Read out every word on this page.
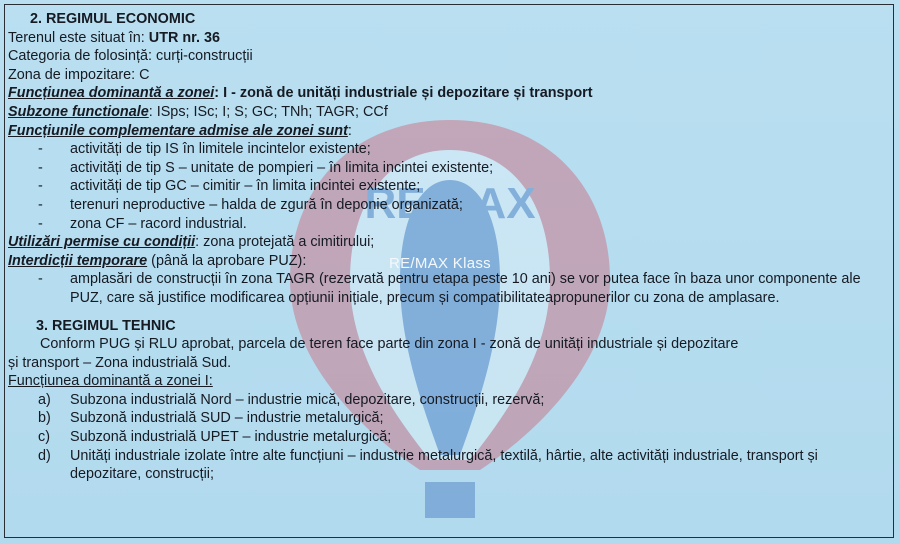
RE/MAX
2. REGIMUL ECONOMIC
Terenul este situat în: UTR nr. 36
Categoria de folosință: curți-construcții
Zona de impozitare: C
Funcțiunea dominantă a zonei: I - zonă de unități industriale și depozitare și transport
Subzone functionale: ISps; ISc; I; S; GC; TNh; TAGR; CCf
Funcțiunile complementare admise ale zonei sunt:
- activități de tip IS în limitele incintelor existente;
- activități de tip S – unitate de pompieri – în limita incintei existente;
- activități de tip GC – cimitir – în limita incintei existente;
- terenuri neproductive – halda de zgură în deponie organizată;
- zona CF – racord industrial.
Utilizări permise cu condiții: zona protejată a cimitirului;
Interdicții temporare (până la aprobare PUZ):
-	amplasări de construcții în zona TAGR (rezervată pentru etapa peste 10 ani) se vor putea face în baza unor componente ale PUZ, care să justifice modificarea opțiunii inițiale, precum și compatibilitateapropunerilor cu zona de amplasare.
3. REGIMUL TEHNIC
Conform PUG și RLU aprobat, parcela de teren face parte din zona I - zonă de unități industriale și depozitare
și transport – Zona industrială Sud.
Funcțiunea dominantă a zonei I:
a) Subzona industrială Nord – industrie mică, depozitare, construcții, rezervă;
b) Subzonă industrială SUD – industrie metalurgică;
c) Subzonă industrială UPET – industrie metalurgică;
d)	Unități industriale izolate între alte funcțiuni – industrie metalurgică, textilă, hârtie, alte activități industriale, transport și depozitare, construcții;
RE/MAX Klass
